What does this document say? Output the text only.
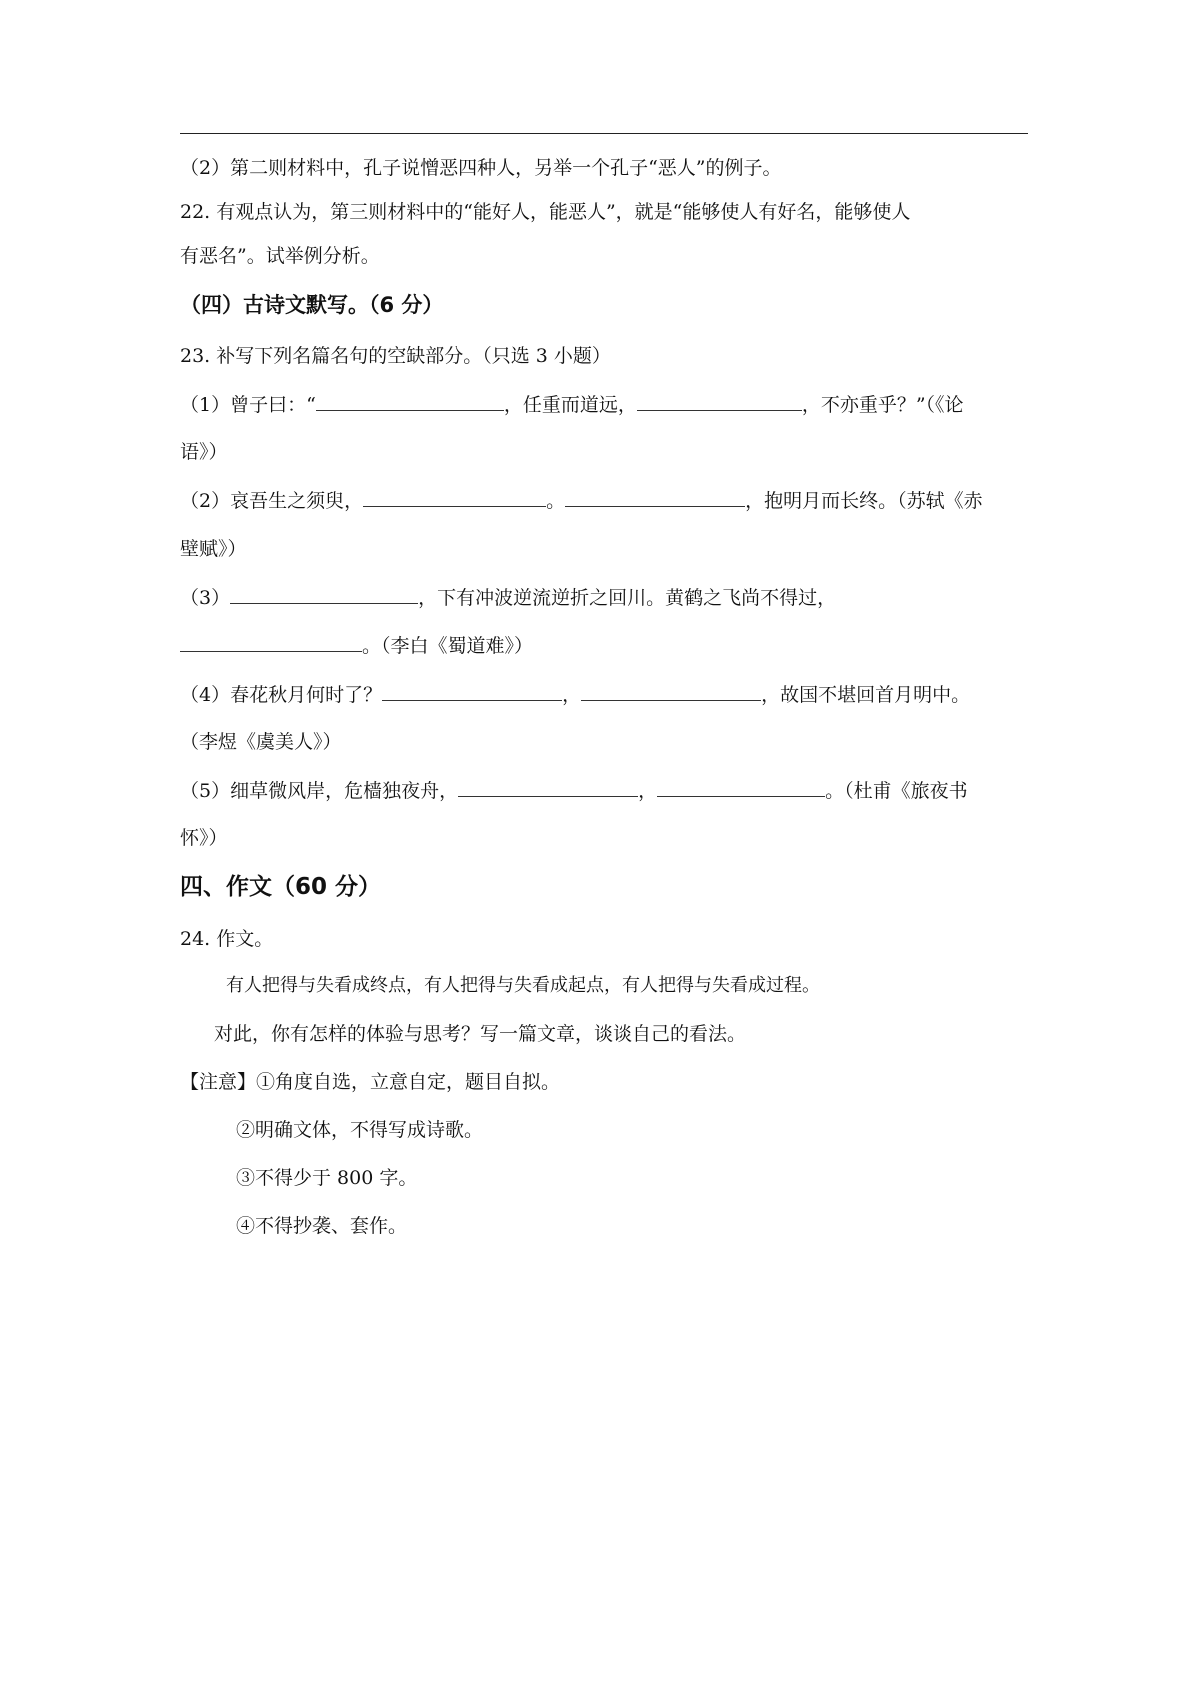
（2）第二则材料中，孔子说憎恶四种人，另举一个孔子“恶人”的例子。
22. 有观点认为，第三则材料中的“能好人，能恶人”，就是“能够使人有好名，能够使人
有恶名”。试举例分析。
（四）古诗文默写。（6 分）
23. 补写下列名篇名句的空缺部分。（只选 3 小题）
（1）曾子曰：“	，任重而道远，	，不亦重乎？”（《论
语》）
（2）哀吾生之须臾，	。	，抱明月而长终。（苏轼《赤
壁赋》）
（3）	，下有冲波逆流逆折之回川。黄鹤之飞尚不得过，
。（李白《蜀道难》）
（4）春花秋月何时了？	，	，故国不堪回首月明中。
（李煜《虞美人》）
（5）细草微风岸，危樯独夜舟，	，	。（杜甫《旅夜书
怀》）
四、作文（60 分）
24. 作文。
有人把得与失看成终点，有人把得与失看成起点，有人把得与失看成过程。
对此，你有怎样的体验与思考？写一篇文章，谈谈自己的看法。
【注意】①角度自选，立意自定，题目自拟。
②明确文体，不得写成诗歌。
③不得少于 800 字。
④不得抄袭、套作。
